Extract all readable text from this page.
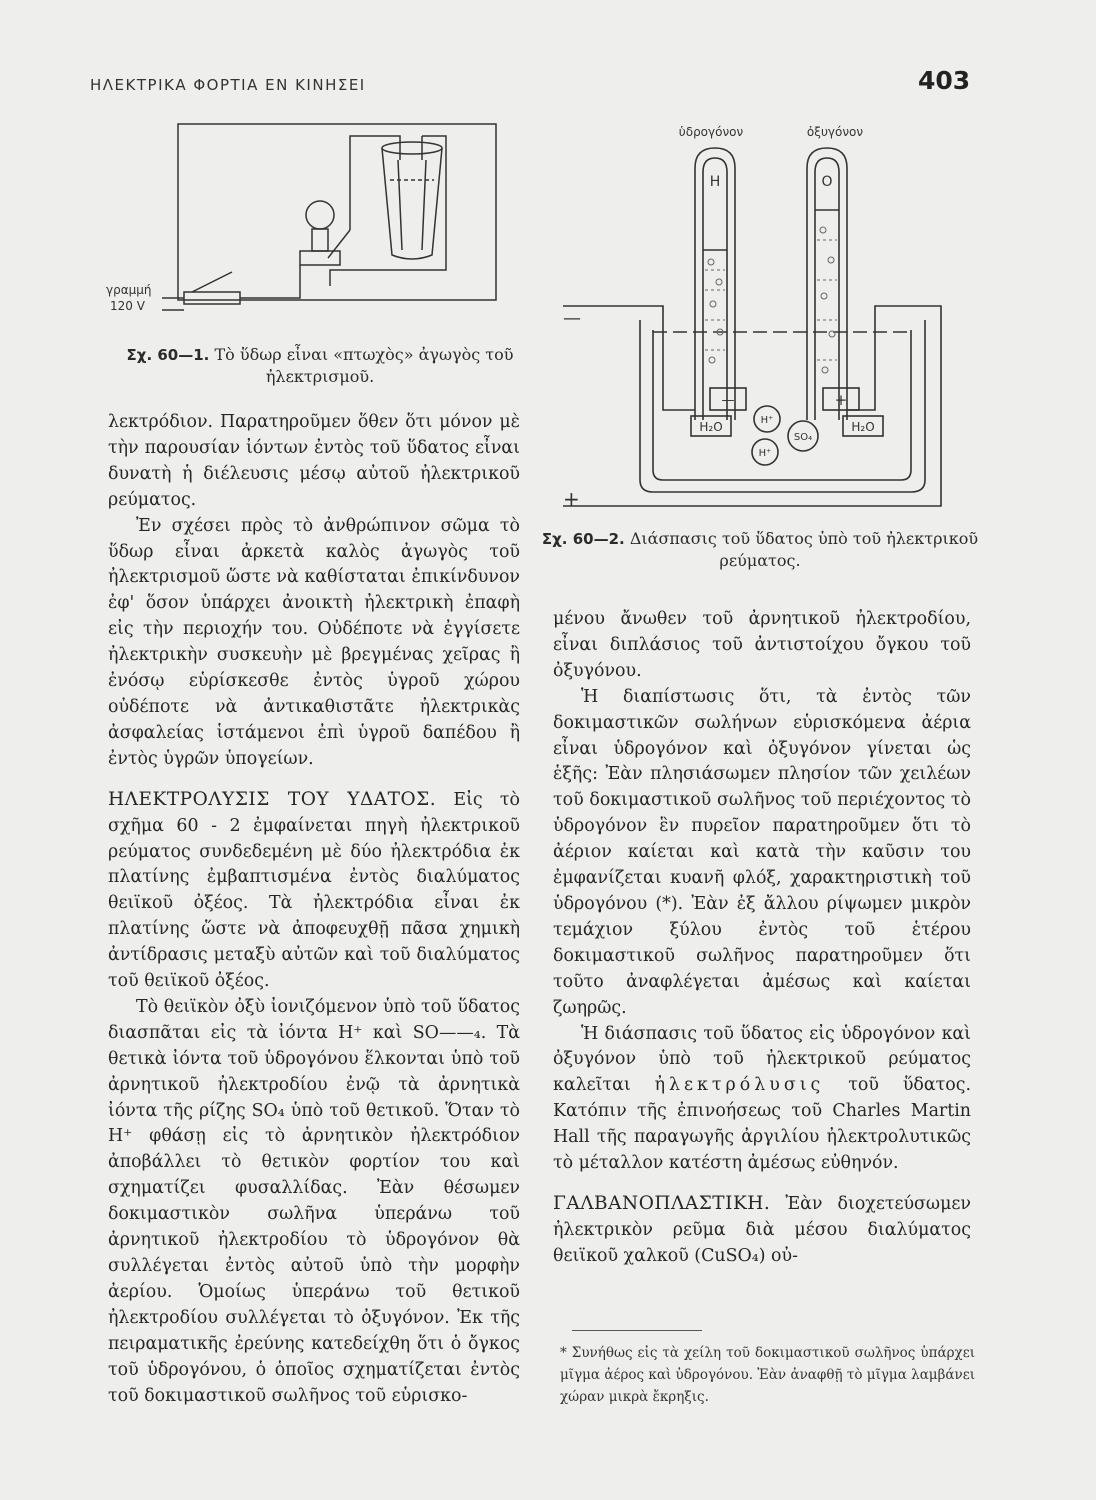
ΗΛΕΚΤΡΙΚΑ ΦΟΡΤΙΑ ΕΝ ΚΙΝΗΣΕΙ	403
γραμμή
120 V
Σχ. 60—1. Τὸ ὕδωρ εἶναι «πτωχὸς» ἀγωγὸς τοῦ ἠλεκτρισμοῦ.
ὑδρογόνον	ὀξυγόνον
H	O
—
+
—	+
H₂O	H₂O
H⁺
H⁺
SO₄
Σχ. 60—2. Διάσπασις τοῦ ὕδατος ὑπὸ τοῦ ἠλεκτρικοῦ ρεύματος.

λεκτρόδιον. Παρατηροῦμεν ὅθεν ὅτι μόνον μὲ τὴν παρουσίαν ἰόντων ἐντὸς τοῦ ὕδατος εἶναι δυνατὴ ἡ διέλευσις μέσῳ αὐτοῦ ἠλεκτρικοῦ ρεύματος.

Ἐν σχέσει πρὸς τὸ ἀνθρώπινον σῶμα τὸ ὕδωρ εἶναι ἀρκετὰ καλὸς ἀγωγὸς τοῦ ἠλεκτρισμοῦ ὥστε νὰ καθίσταται ἐπικίνδυνον ἐφ' ὅσον ὑπάρχει ἀνοικτὴ ἠλεκτρικὴ ἐπαφὴ εἰς τὴν περιοχήν του. Οὐδέποτε νὰ ἐγγίσετε ἠλεκτρικὴν συσκευὴν μὲ βρεγμένας χεῖρας ἢ ἐνόσῳ εὑρίσκεσθε ἐντὸς ὑγροῦ χώρου οὐδέποτε νὰ ἀντικαθιστᾶτε ἠλεκτρικὰς ἀσφαλείας ἱστάμενοι ἐπὶ ὑγροῦ δαπέδου ἢ ἐντὸς ὑγρῶν ὑπογείων.

ΗΛΕΚΤΡΟΛΥΣΙΣ ΤΟΥ ΥΔΑΤΟΣ. Εἰς τὸ σχῆμα 60 - 2 ἐμφαίνεται πηγὴ ἠλεκτρικοῦ ρεύματος συνδεδεμένη μὲ δύο ἠλεκτρόδια ἐκ πλατίνης ἐμβαπτισμένα ἐντὸς διαλύματος θειϊκοῦ ὀξέος. Τὰ ἠλεκτρόδια εἶναι ἐκ πλατίνης ὥστε νὰ ἀποφευχθῇ πᾶσα χημικὴ ἀντίδρασις μεταξὺ αὐτῶν καὶ τοῦ διαλύματος τοῦ θειϊκοῦ ὀξέος.

Τὸ θειϊκὸν ὀξὺ ἰονιζόμενον ὑπὸ τοῦ ὕδατος διασπᾶται εἰς τὰ ἰόντα H⁺ καὶ SO——₄. Τὰ θετικὰ ἰόντα τοῦ ὑδρογόνου ἕλκονται ὑπὸ τοῦ ἀρνητικοῦ ἠλεκτροδίου ἐνῷ τὰ ἀρνητικὰ ἰόντα τῆς ρίζης SO₄ ὑπὸ τοῦ θετικοῦ. Ὅταν τὸ H⁺ φθάσῃ εἰς τὸ ἀρνητικὸν ἠλεκτρόδιον ἀποβάλλει τὸ θετικὸν φορτίον του καὶ σχηματίζει φυσαλλίδας. Ἐὰν θέσωμεν δοκιμαστικὸν σωλῆνα ὑπεράνω τοῦ ἀρνητικοῦ ἠλεκτροδίου τὸ ὑδρογόνον θὰ συλλέγεται ἐντὸς αὐτοῦ ὑπὸ τὴν μορφὴν ἀερίου. Ὁμοίως ὑπεράνω τοῦ θετικοῦ ἠλεκτροδίου συλλέγεται τὸ ὀξυγόνον. Ἐκ τῆς πειραματικῆς ἐρεύνης κατεδείχθη ὅτι ὁ ὄγκος τοῦ ὑδρογόνου, ὁ ὁποῖος σχηματίζεται ἐντὸς τοῦ δοκιμαστικοῦ σωλῆνος τοῦ εὑρισκο-

μένου ἄνωθεν τοῦ ἀρνητικοῦ ἠλεκτροδίου, εἶναι διπλάσιος τοῦ ἀντιστοίχου ὄγκου τοῦ ὀξυγόνου.

Ἡ διαπίστωσις ὅτι, τὰ ἐντὸς τῶν δοκιμαστικῶν σωλήνων εὑρισκόμενα ἀέρια εἶναι ὑδρογόνον καὶ ὀξυγόνον γίνεται ὡς ἑξῆς: Ἐὰν πλησιάσωμεν πλησίον τῶν χειλέων τοῦ δοκιμαστικοῦ σωλῆνος τοῦ περιέχοντος τὸ ὑδρογόνον ἓν πυρεῖον παρατηροῦμεν ὅτι τὸ ἀέριον καίεται καὶ κατὰ τὴν καῦσιν του ἐμφανίζεται κυανῆ φλόξ, χαρακτηριστικὴ τοῦ ὑδρογόνου (*). Ἐὰν ἐξ ἄλλου ρίψωμεν μικρὸν τεμάχιον ξύλου ἐντὸς τοῦ ἑτέρου δοκιμαστικοῦ σωλῆνος παρατηροῦμεν ὅτι τοῦτο ἀναφλέγεται ἀμέσως καὶ καίεται ζωηρῶς.

Ἡ διάσπασις τοῦ ὕδατος εἰς ὑδρογόνον καὶ ὀξυγόνον ὑπὸ τοῦ ἠλεκτρικοῦ ρεύματος καλεῖται ἠλεκτρόλυσις τοῦ ὕδατος. Κατόπιν τῆς ἐπινοήσεως τοῦ Charles Martin Hall τῆς παραγωγῆς ἀργιλίου ἠλεκτρολυτικῶς τὸ μέταλλον κατέστη ἀμέσως εὐθηνόν.

ΓΑΛΒΑΝΟΠΛΑΣΤΙΚΗ. Ἐὰν διοχετεύσωμεν ἠλεκτρικὸν ρεῦμα διὰ μέσου διαλύματος θειϊκοῦ χαλκοῦ (CuSO₄) οὐ-

* Συνήθως εἰς τὰ χείλη τοῦ δοκιμαστικοῦ σωλῆνος ὑπάρχει μῖγμα ἀέρος καὶ ὑδρογόνου. Ἐὰν ἀναφθῇ τὸ μῖγμα λαμβάνει χώραν μικρὰ ἔκρηξις.
